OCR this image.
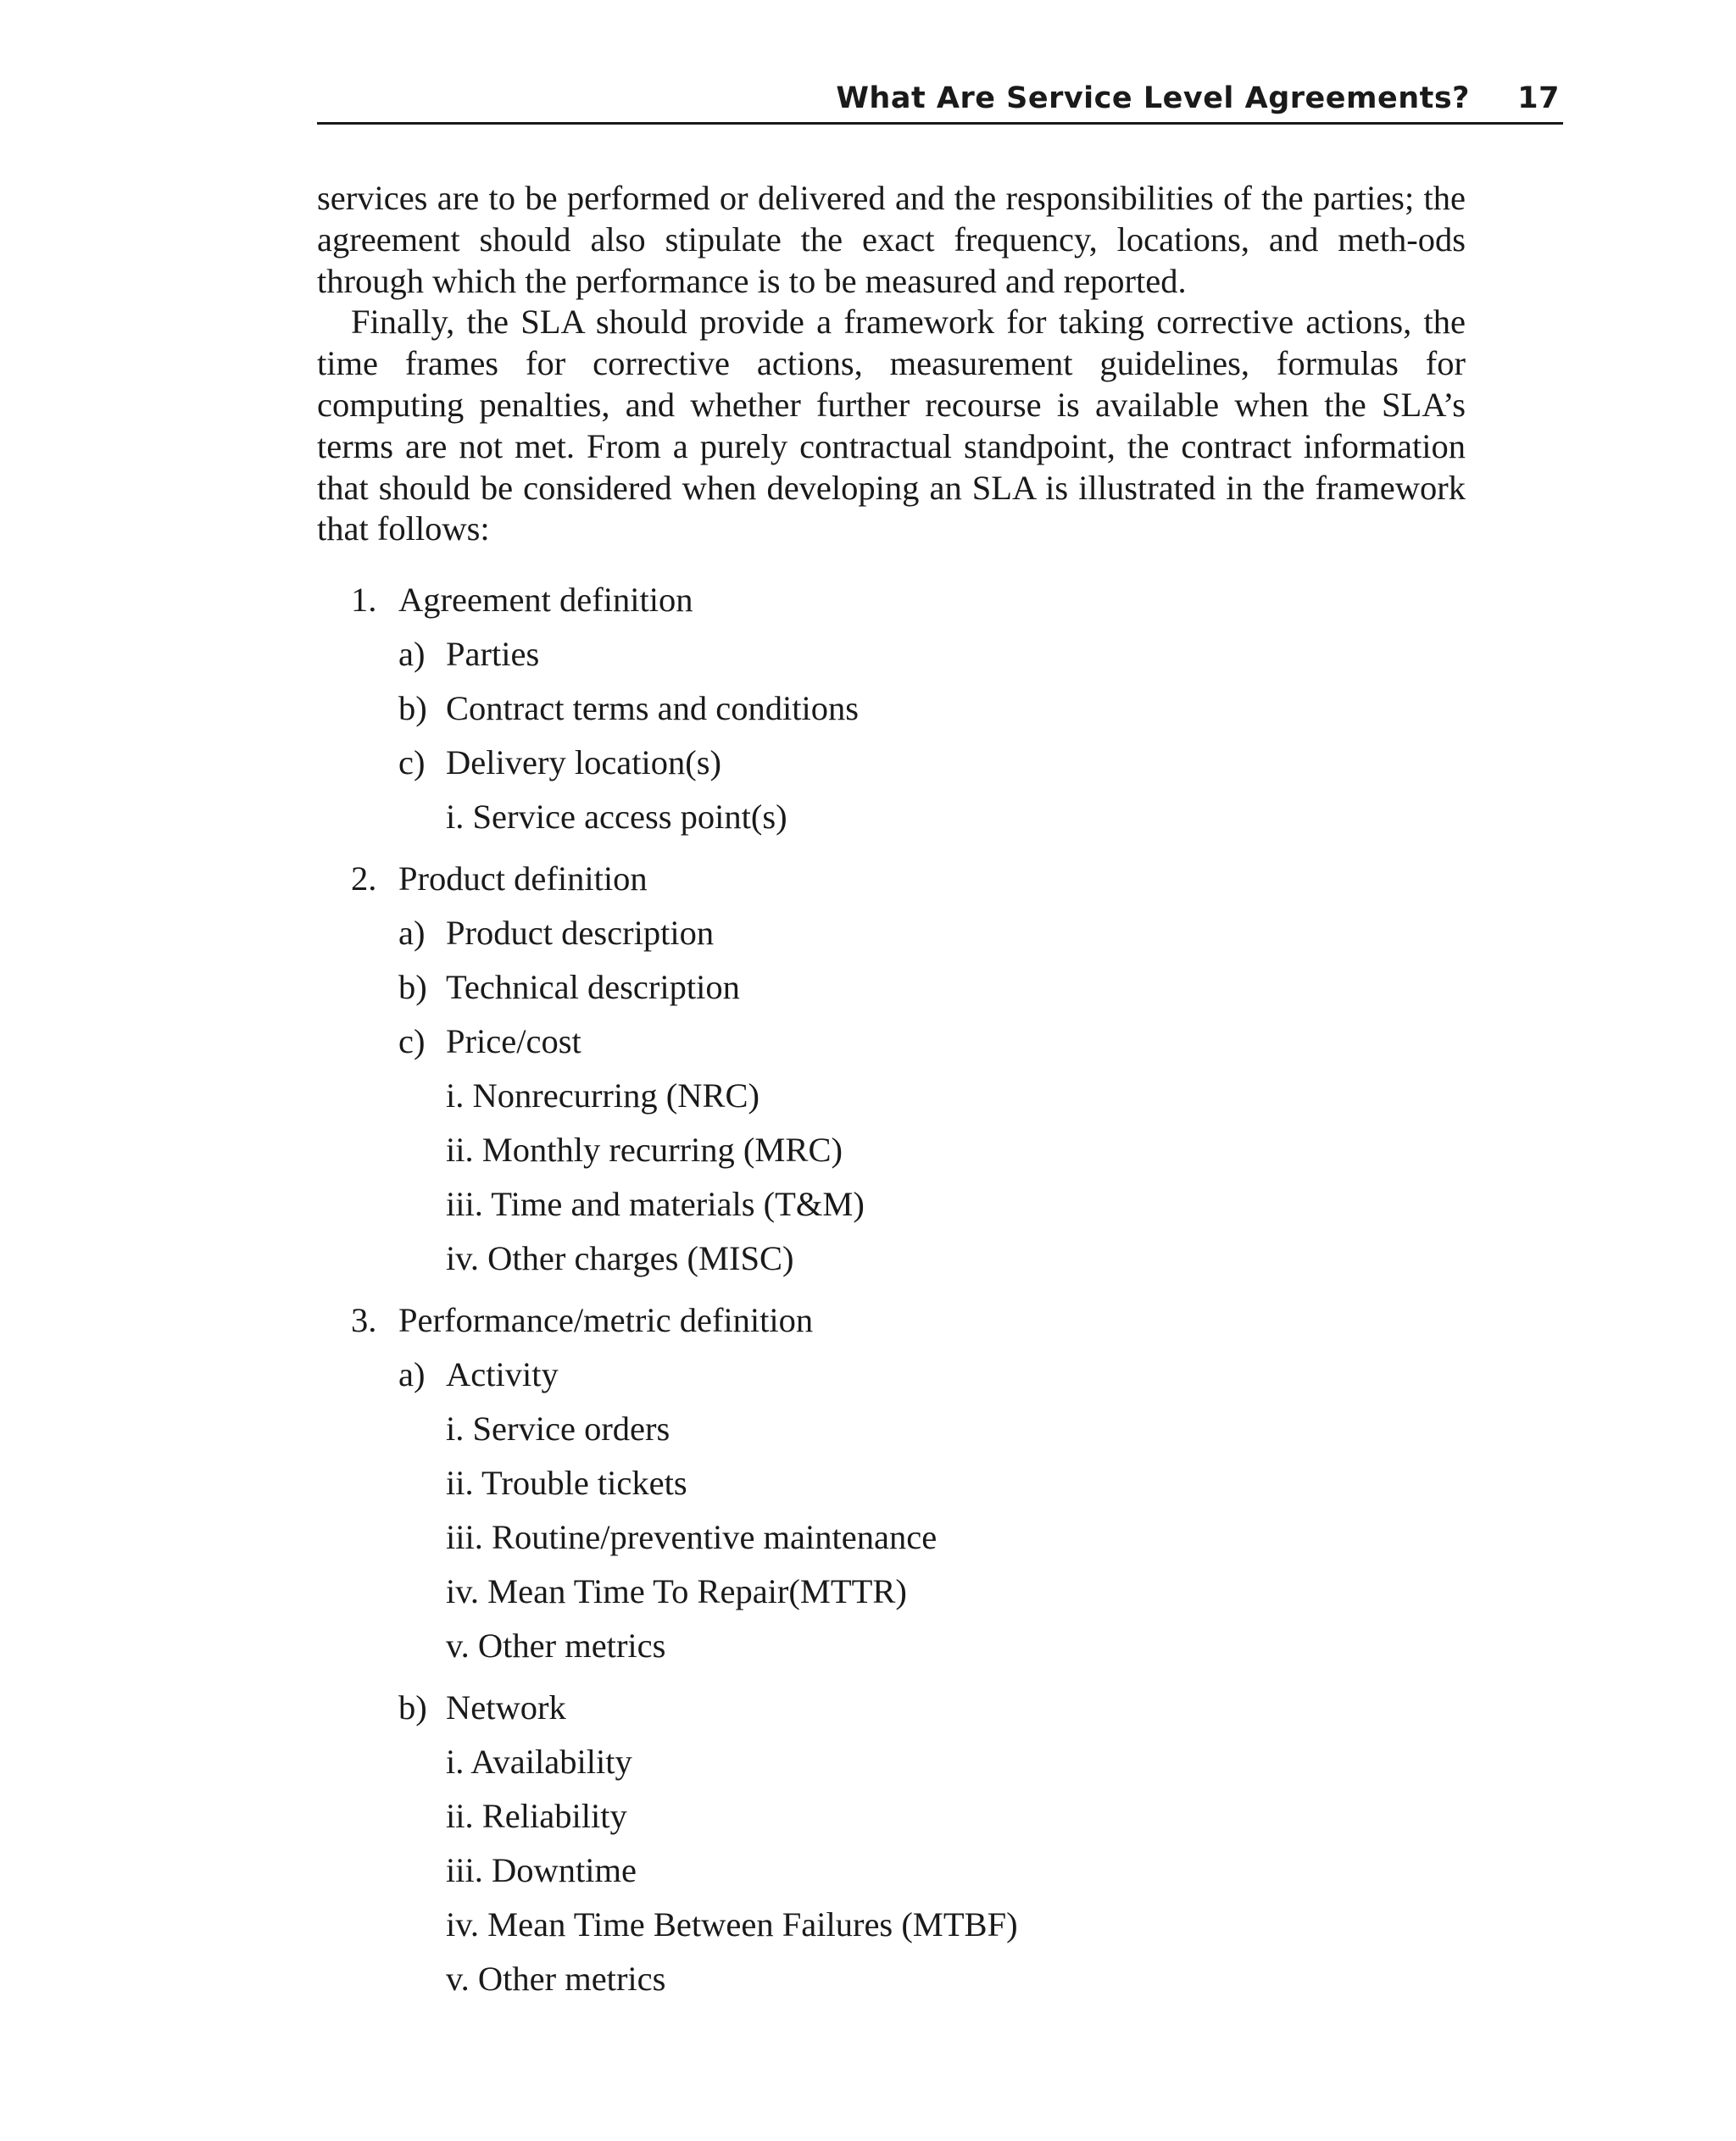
What Are Service Level Agreements? 17

services are to be performed or delivered and the responsibilities of the parties; the agreement should also stipulate the exact frequency, locations, and meth-ods through which the performance is to be measured and reported.

Finally, the SLA should provide a framework for taking corrective actions, the time frames for corrective actions, measurement guidelines, formulas for computing penalties, and whether further recourse is available when the SLA’s terms are not met. From a purely contractual standpoint, the contract information that should be considered when developing an SLA is illustrated in the framework that follows:

1. Agreement definition
a) Parties
b) Contract terms and conditions
c) Delivery location(s)
i. Service access point(s)
2. Product definition
a) Product description
b) Technical description
c) Price/cost
i. Nonrecurring (NRC)
ii. Monthly recurring (MRC)
iii. Time and materials (T&M)
iv. Other charges (MISC)
3. Performance/metric definition
a) Activity
i. Service orders
ii. Trouble tickets
iii. Routine/preventive maintenance
iv. Mean Time To Repair(MTTR)
v. Other metrics
b) Network
i. Availability
ii. Reliability
iii. Downtime
iv. Mean Time Between Failures (MTBF)
v. Other metrics
